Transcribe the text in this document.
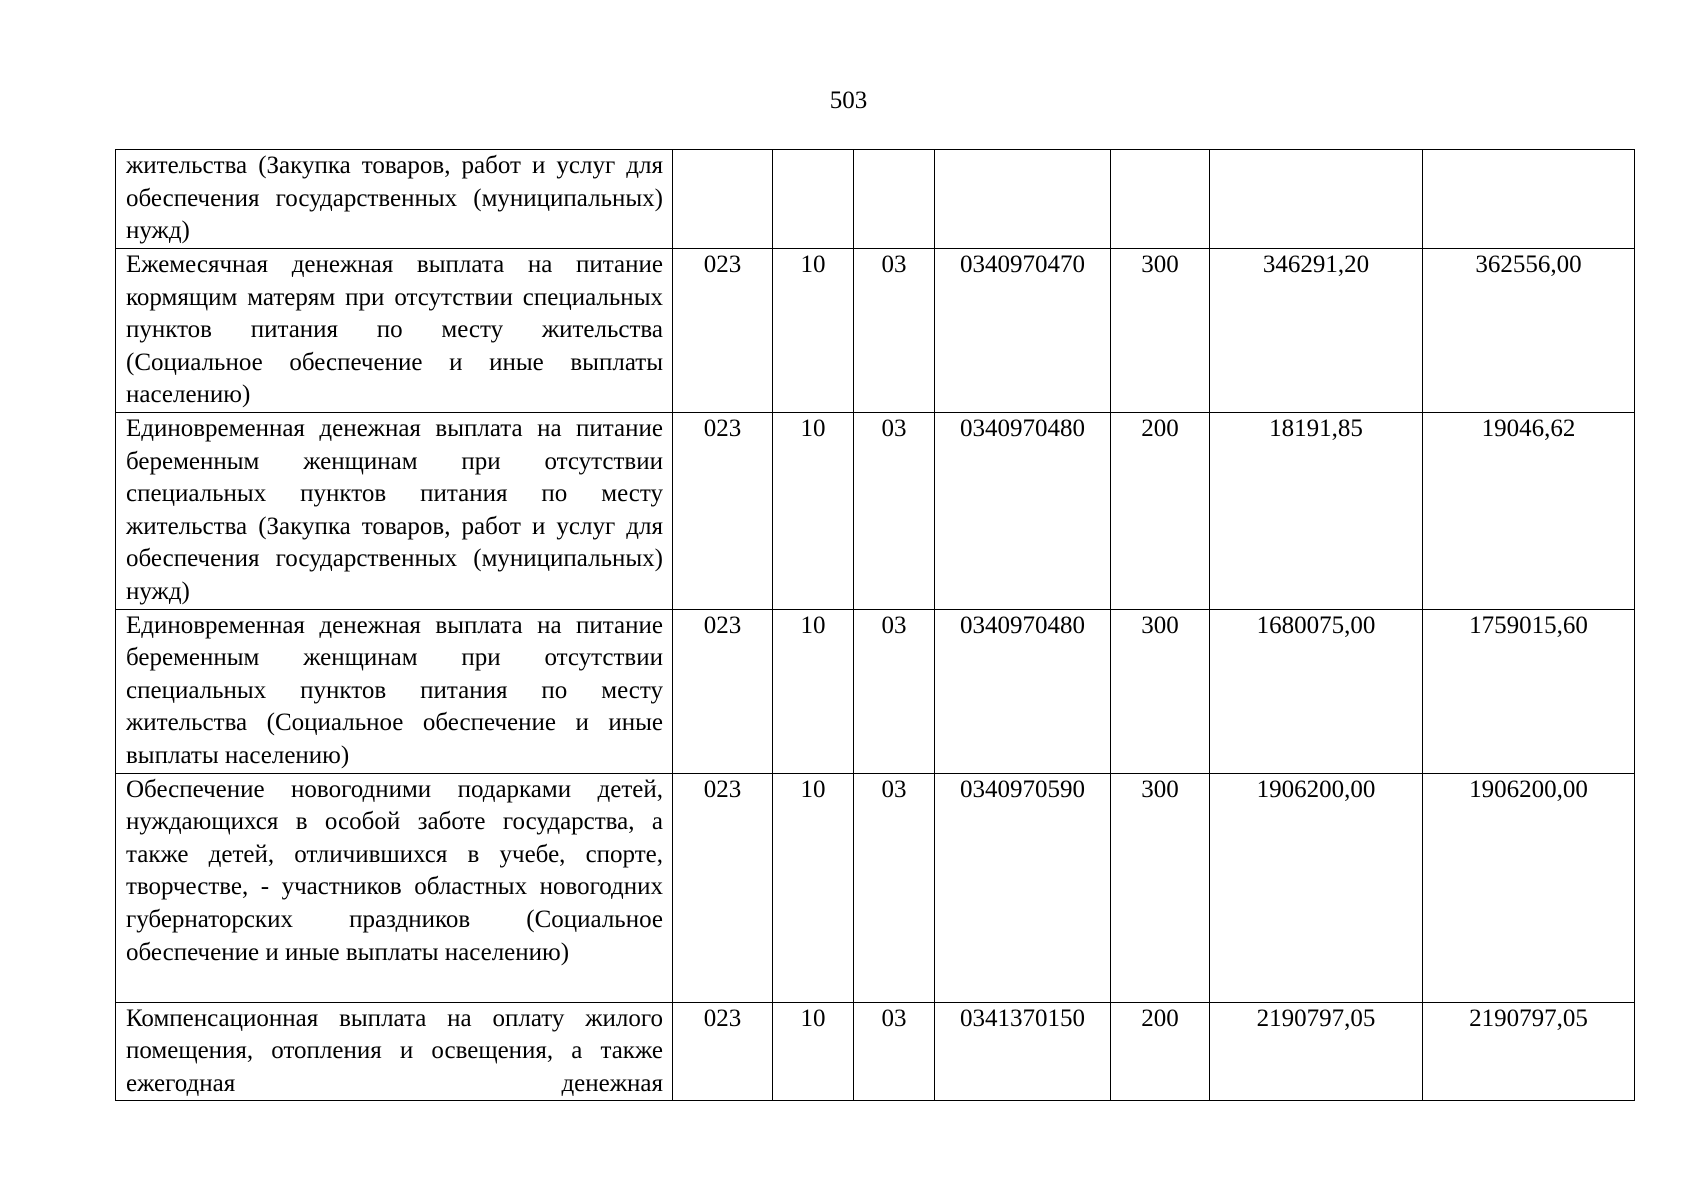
503
жительства (Закупка товаров, работ и услуг для обеспечения государственных (муниципальных) нужд)							
Ежемесячная денежная выплата на питание кормящим матерям при отсутствии специальных пунктов питания по месту жительства (Социальное обеспечение и иные выплаты населению)	023	10	03	0340970470	300	346291,20	362556,00
Единовременная денежная выплата на питание беременным женщинам при отсутствии специальных пунктов питания по месту жительства (Закупка товаров, работ и услуг для обеспечения государственных (муниципальных) нужд)	023	10	03	0340970480	200	18191,85	19046,62
Единовременная денежная выплата на питание беременным женщинам при отсутствии специальных пунктов питания по месту жительства (Социальное обеспечение и иные выплаты населению)	023	10	03	0340970480	300	1680075,00	1759015,60
Обеспечение новогодними подарками детей, нуждающихся в особой заботе государства, а также детей, отличившихся в учебе, спорте, творчестве, - участников областных новогодних губернаторских праздников (Социальное обеспечение и иные выплаты населению)	023	10	03	0340970590	300	1906200,00	1906200,00
Компенсационная выплата на оплату жилого помещения, отопления и освещения, а также ежегодная денежная	023	10	03	0341370150	200	2190797,05	2190797,05
